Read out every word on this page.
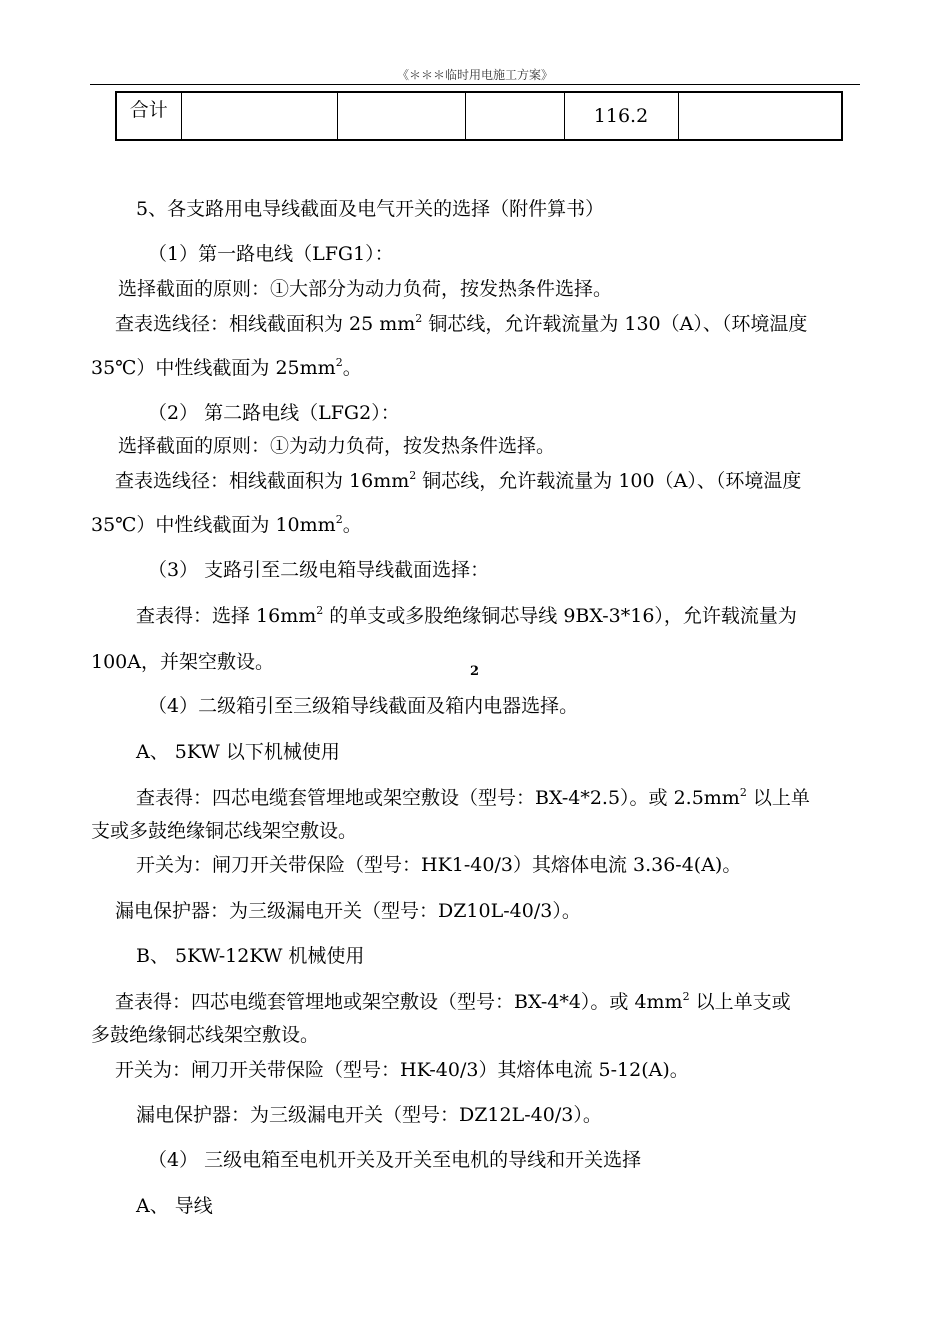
《＊＊＊临时用电施工方案》
合计				116.2	
5、各支路用电导线截面及电气开关的选择（附件算书）
（1）第一路电线（LFG1）：
选择截面的原则：①大部分为动力负荷，按发热条件选择。
查表选线径：相线截面积为 25 $mm^2$ 铜芯线，允许载流量为 130（A）、（环境温度
35℃）中性线截面为 $25mm^2$。
（2） 第二路电线（LFG2）：
选择截面的原则：①为动力负荷，按发热条件选择。
查表选线径：相线截面积为 $16mm^2$ 铜芯线，允许载流量为 100（A）、（环境温度
35℃）中性线截面为 $10mm^2$。
（3） 支路引至二级电箱导线截面选择：
查表得：选择 $16mm^2$ 的单支或多股绝缘铜芯导线 9BX-3*16），允许载流量为
100A，并架空敷设。	2
（4）二级箱引至三级箱导线截面及箱内电器选择。
A、 5KW 以下机械使用
查表得：四芯电缆套管埋地或架空敷设（型号：BX-4*2.5）。或 $2.5mm^2$ 以上单
支或多鼓绝缘铜芯线架空敷设。
开关为：闸刀开关带保险（型号：HK1-40/3）其熔体电流 3.36-4(A)。
漏电保护器：为三级漏电开关（型号：DZ10L-40/3）。
B、 5KW-12KW 机械使用
查表得：四芯电缆套管埋地或架空敷设（型号：BX-4*4）。或 $4mm^2$ 以上单支或
多鼓绝缘铜芯线架空敷设。
开关为：闸刀开关带保险（型号：HK-40/3）其熔体电流 5-12(A)。
漏电保护器：为三级漏电开关（型号：DZ12L-40/3）。
（4） 三级电箱至电机开关及开关至电机的导线和开关选择
A、 导线
